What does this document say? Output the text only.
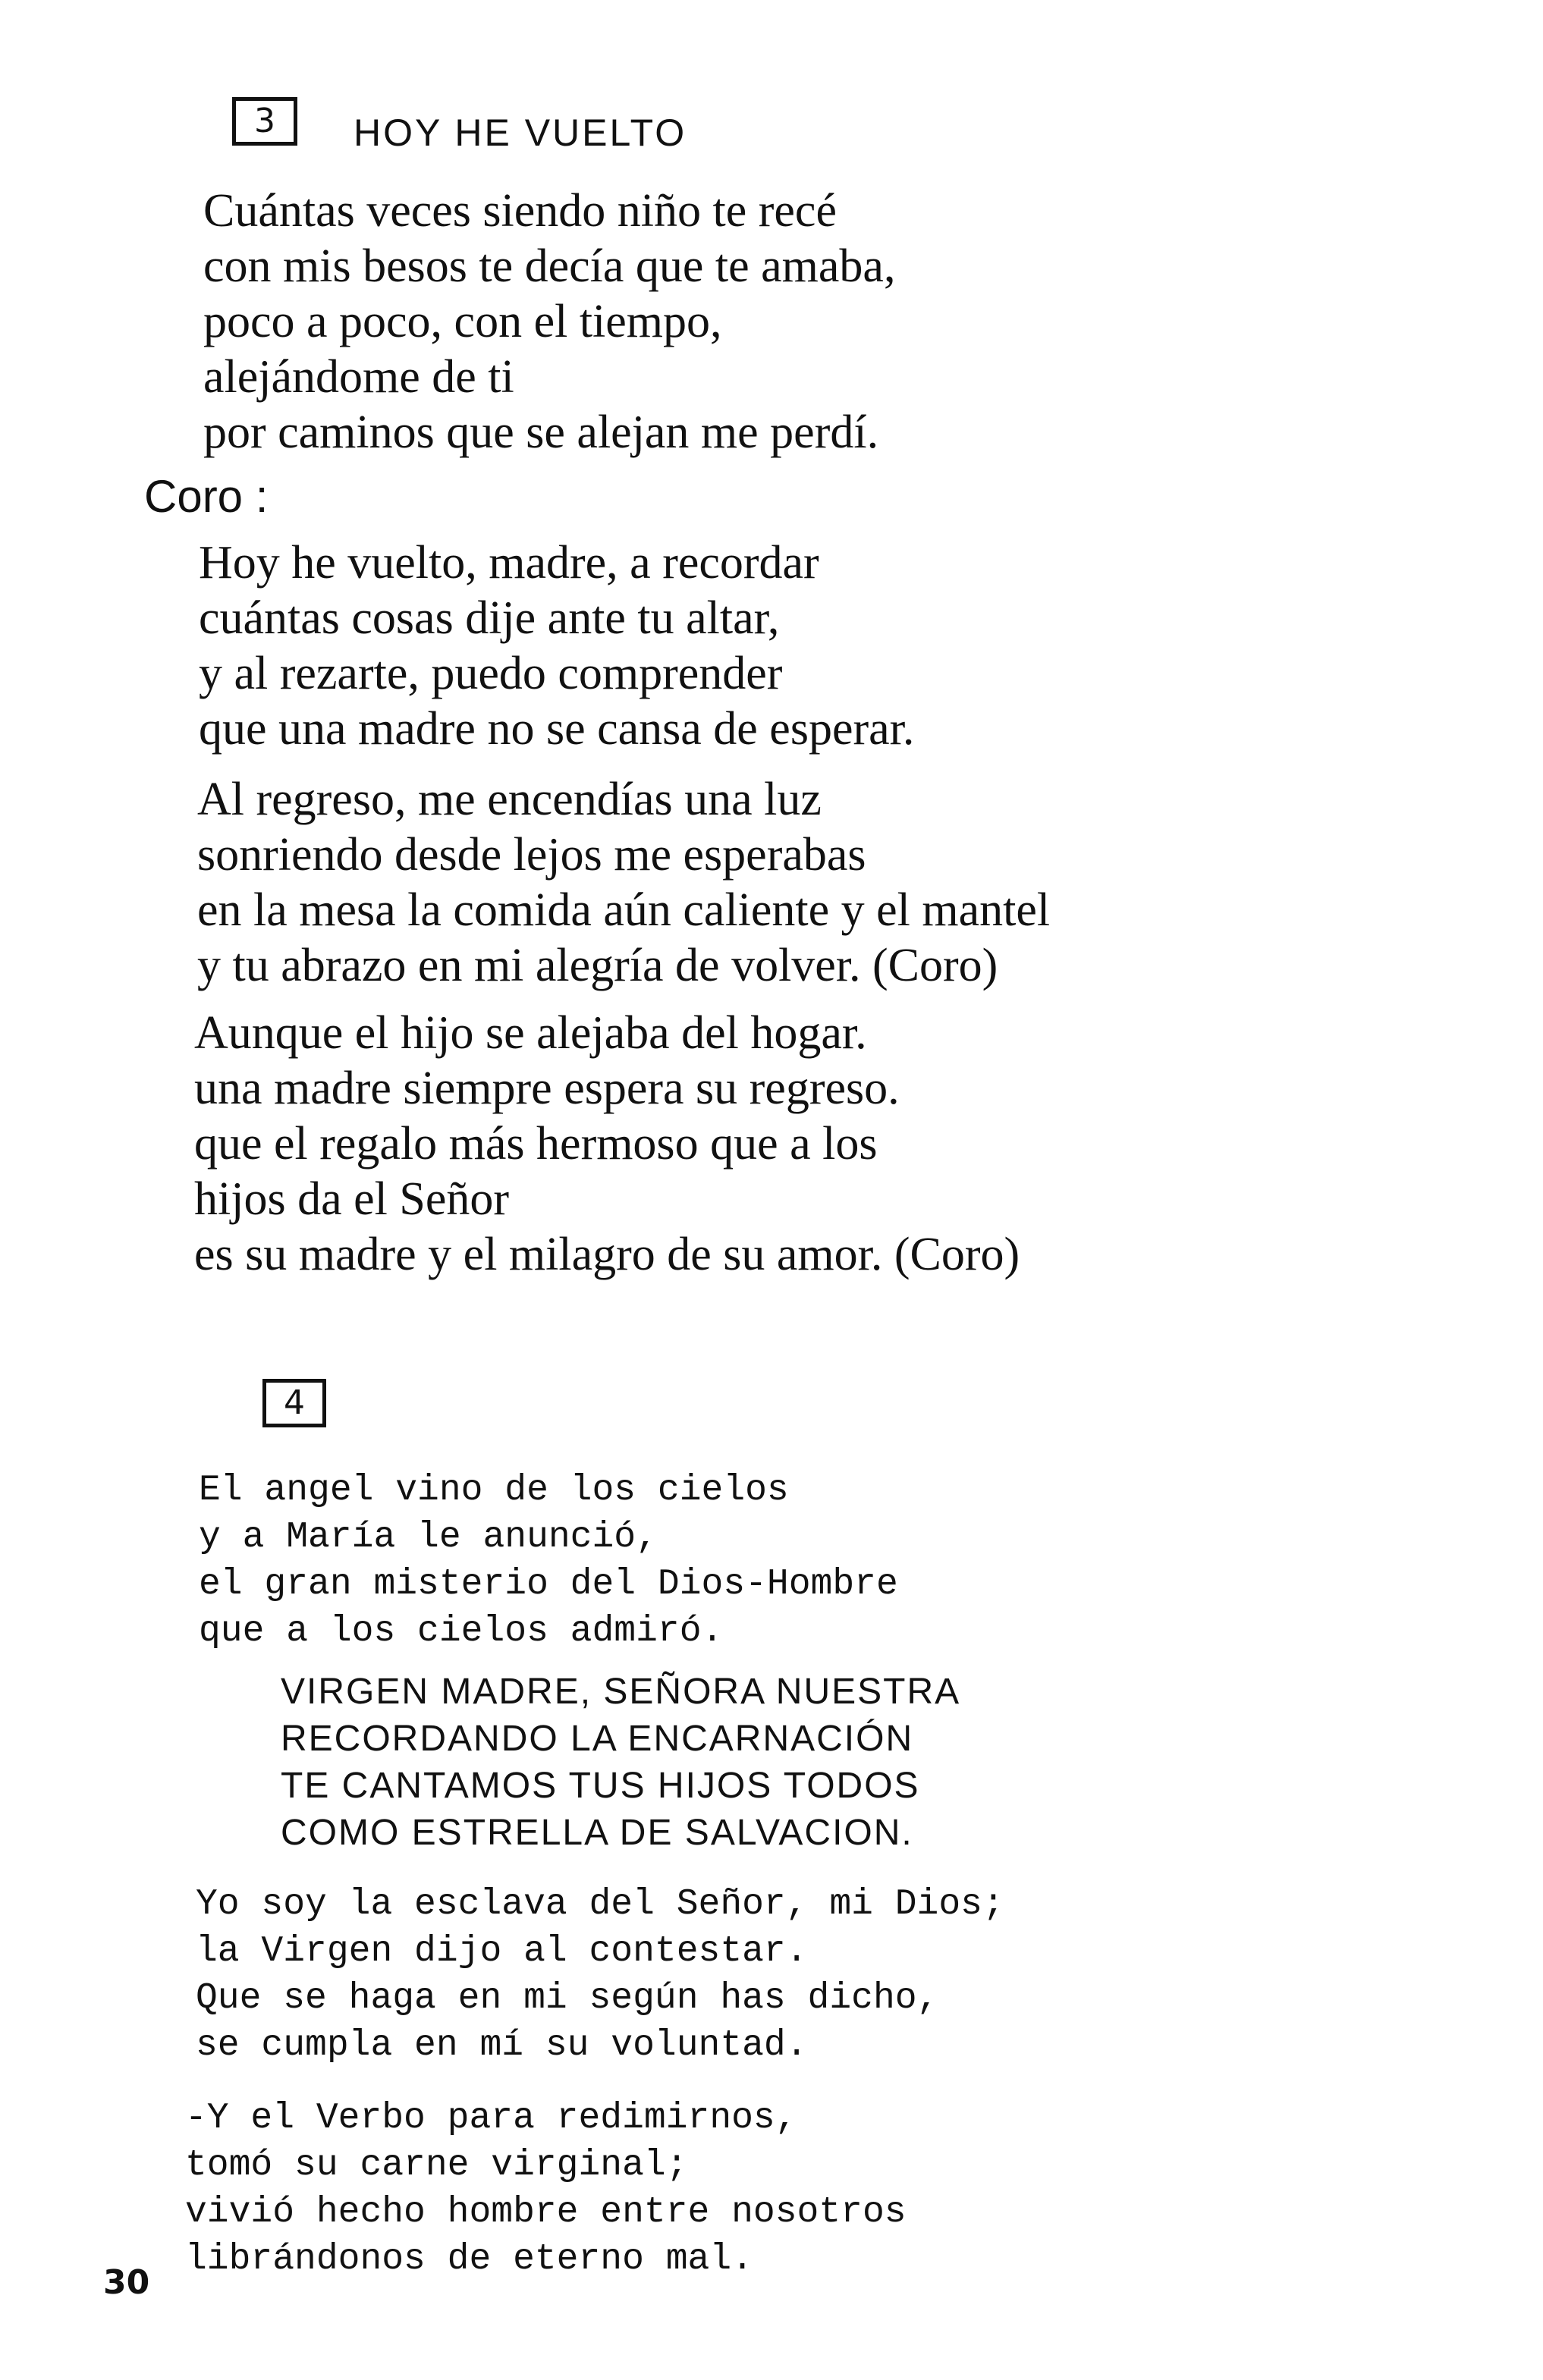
3 HOY HE VUELTO
Cuántas veces siendo niño te recé
con mis besos te decía que te amaba,
poco a poco, con el tiempo,
alejándome de ti
por caminos que se alejan me perdí.
Coro :
Hoy he vuelto, madre, a recordar
cuántas cosas dije ante tu altar,
y al rezarte, puedo comprender
que una madre no se cansa de esperar.
Al regreso, me encendías una luz
sonriendo desde lejos me esperabas
en la mesa la comida aún caliente y el mantel
y tu abrazo en mi alegría de volver. (Coro)
Aunque el hijo se alejaba del hogar.
una madre siempre espera su regreso.
que el regalo más hermoso que a los
hijos da el Señor
es su madre y el milagro de su amor. (Coro)
4
El angel vino de los cielos
y a María le anunció,
el gran misterio del Dios-Hombre
que a los cielos admiró.
VIRGEN MADRE, SEÑORA NUESTRA
RECORDANDO LA ENCARNACIÓN
TE CANTAMOS TUS HIJOS TODOS
COMO ESTRELLA DE SALVACION.
Yo soy la esclava del Señor, mi Dios;
la Virgen dijo al contestar.
Que se haga en mi según has dicho,
se cumpla en mí su voluntad.
-Y el Verbo para redimirnos,
tomó su carne virginal;
vivió hecho hombre entre nosotros
librándonos de eterno mal.
30
